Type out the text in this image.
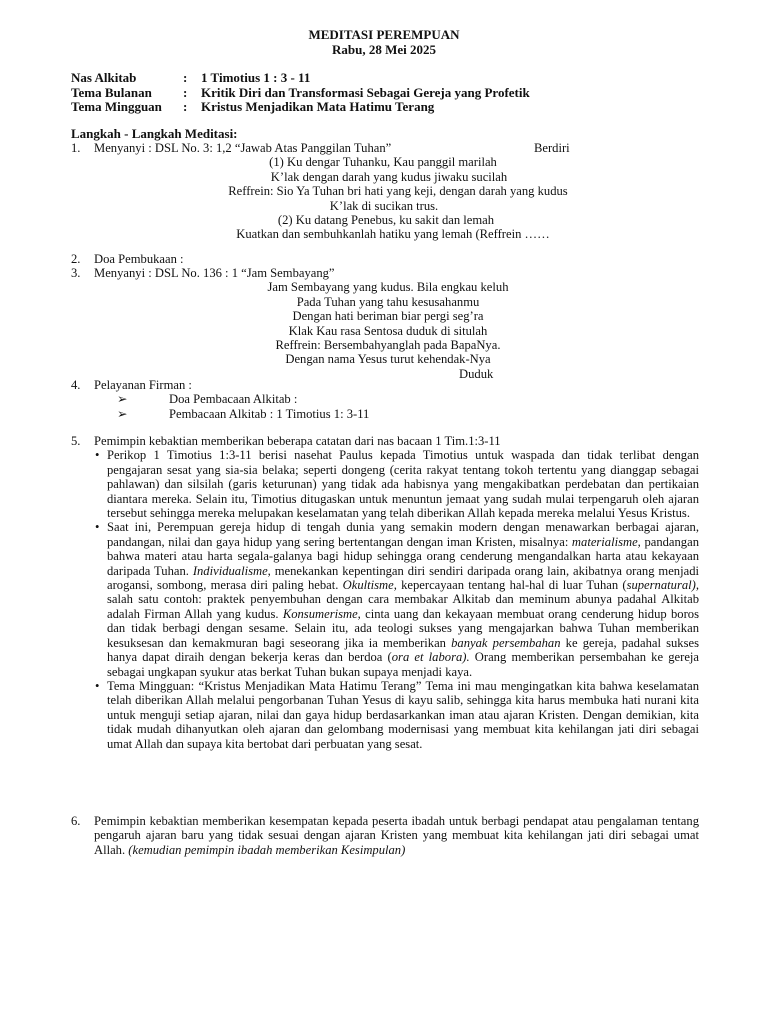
MEDITASI PEREMPUAN
Rabu, 28 Mei 2025
Nas Alkitab	:	1 Timotius 1 : 3 - 11
Tema Bulanan	:	Kritik Diri dan Transformasi Sebagai Gereja yang Profetik
Tema Mingguan	:	Kristus Menjadikan Mata Hatimu Terang
Langkah - Langkah Meditasi:
1. Menyanyi : DSL No. 3: 1,2 “Jawab Atas Panggilan Tuhan”	Berdiri
(1) Ku dengar Tuhanku, Kau panggil marilah
K’lak dengan darah yang kudus jiwaku sucilah
Reffrein: Sio Ya Tuhan bri hati yang keji, dengan darah yang kudus
K’lak di sucikan trus.
(2) Ku datang Penebus, ku sakit dan lemah
Kuatkan dan sembuhkanlah hatiku yang lemah (Reffrein ……
2. Doa Pembukaan :
3. Menyanyi : DSL No. 136 : 1 “Jam Sembayang”
Jam Sembayang yang kudus. Bila engkau keluh
Pada Tuhan yang tahu kesusahanmu
Dengan hati beriman biar pergi seg’ra
Klak Kau rasa Sentosa duduk di situlah
Reffrein: Bersembahyanglah pada BapaNya.
Dengan nama Yesus turut kehendak-Nya
Duduk
4. Pelayanan Firman :
➢	Doa Pembacaan Alkitab :
➢	Pembacaan Alkitab : 1 Timotius 1: 3-11
5. Pemimpin kebaktian memberikan beberapa catatan dari nas bacaan 1 Tim.1:3-11
• Perikop 1 Timotius 1:3-11 berisi nasehat Paulus kepada Timotius untuk waspada dan tidak terlibat dengan pengajaran sesat yang sia-sia belaka; seperti dongeng (cerita rakyat tentang tokoh tertentu yang dianggap sebagai pahlawan) dan silsilah (garis keturunan) yang tidak ada habisnya yang mengakibatkan perdebatan dan pertikaian diantara mereka. Selain itu, Timotius ditugaskan untuk menuntun jemaat yang sudah mulai terpengaruh oleh ajaran tersebut sehingga mereka melupakan keselamatan yang telah diberikan Allah kepada mereka melalui Yesus Kristus.
• Saat ini, Perempuan gereja hidup di tengah dunia yang semakin modern dengan menawarkan berbagai ajaran, pandangan, nilai dan gaya hidup yang sering bertentangan dengan iman Kristen, misalnya: materialisme, pandangan bahwa materi atau harta segala-galanya bagi hidup sehingga orang cenderung mengandalkan harta atau kekayaan daripada Tuhan. Individualisme, menekankan kepentingan diri sendiri daripada orang lain, akibatnya orang menjadi arogansi, sombong, merasa diri paling hebat. Okultisme, kepercayaan tentang hal-hal di luar Tuhan (supernatural), salah satu contoh: praktek penyembuhan dengan cara membakar Alkitab dan meminum abunya padahal Alkitab adalah Firman Allah yang kudus. Konsumerisme, cinta uang dan kekayaan membuat orang cenderung hidup boros dan tidak berbagi dengan sesame. Selain itu, ada teologi sukses yang mengajarkan bahwa Tuhan memberikan kesuksesan dan kemakmuran bagi seseorang jika ia memberikan banyak persembahan ke gereja, padahal sukses hanya dapat diraih dengan bekerja keras dan berdoa (ora et labora). Orang memberikan persembahan ke gereja sebagai ungkapan syukur atas berkat Tuhan bukan supaya menjadi kaya.
• Tema Mingguan: “Kristus Menjadikan Mata Hatimu Terang” Tema ini mau mengingatkan kita bahwa keselamatan telah diberikan Allah melalui pengorbanan Tuhan Yesus di kayu salib, sehingga kita harus membuka hati nurani kita untuk menguji setiap ajaran, nilai dan gaya hidup berdasarkankan iman atau ajaran Kristen. Dengan demikian, kita tidak mudah dihanyutkan oleh ajaran dan gelombang modernisasi yang membuat kita kehilangan jati diri sebagai umat Allah dan supaya kita bertobat dari perbuatan yang sesat.
6. Pemimpin kebaktian memberikan kesempatan kepada peserta ibadah untuk berbagi pendapat atau pengalaman tentang pengaruh ajaran baru yang tidak sesuai dengan ajaran Kristen yang membuat kita kehilangan jati diri sebagai umat Allah. (kemudian pemimpin ibadah memberikan Kesimpulan)
